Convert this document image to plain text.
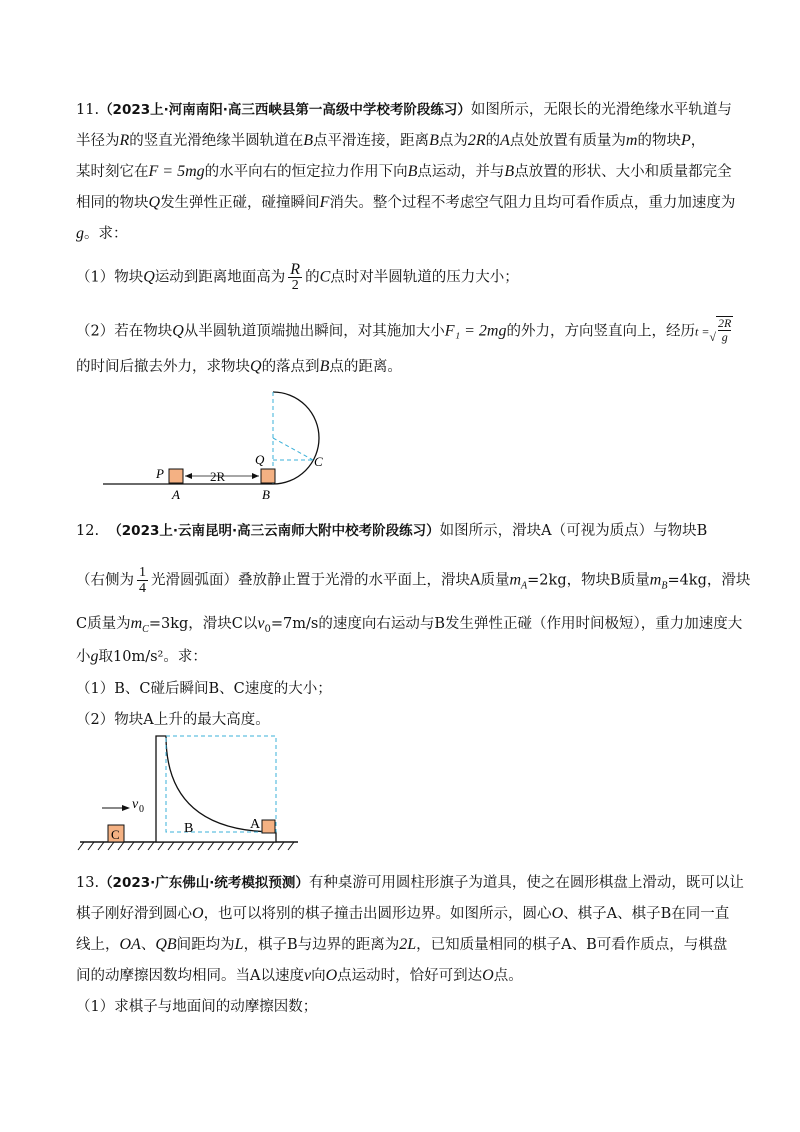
11.（2023上·河南南阳·高三西峡县第一高级中学校考阶段练习）如图所示，无限长的光滑绝缘水平轨道与
半径为R的竖直光滑绝缘半圆轨道在B点平滑连接，距离B点为2R的A点处放置有质量为m的物块P，
某时刻它在F = 5mg的水平向右的恒定拉力作用下向B点运动，并与B点放置的形状、大小和质量都完全
相同的物块Q发生弹性正碰，碰撞瞬间F消失。整个过程不考虑空气阻力且均可看作质点，重力加速度为
g。求：
（1）物块Q运动到距离地面高为 $\frac{R}{2}$ 的C点时对半圆轨道的压力大小；
（2）若在物块Q从半圆轨道顶端抛出瞬间，对其施加大小F₁ = 2mg的外力，方向竖直向上，经历t =√ $\frac{2R}{g}$
的时间后撤去外力，求物块Q的落点到B点的距离。
2R
P
A
Q
B
C
12. （2023上·云南昆明·高三云南师大附中校考阶段练习）如图所示，滑块A（可视为质点）与物块B
（右侧为 $\frac{1}{4}$ 光滑圆弧面）叠放静止置于光滑的水平面上，滑块A质量$m_A=2kg$，物块B质量$m_B=4kg$，滑块
C质量为$m_C=3kg$，滑块C以$v_0=7m/s$的速度向右运动与B发生弹性正碰（作用时间极短），重力加速度大
小g取10m/s²。求：
（1）B、C碰后瞬间B、C速度的大小；
（2）物块A上升的最大高度。
v 0
C	B	A
13.（2023·广东佛山·统考模拟预测）有种桌游可用圆柱形旗子为道具，使之在圆形棋盘上滑动，既可以让
棋子刚好滑到圆心O，也可以将别的棋子撞击出圆形边界。如图所示，圆心O、棋子A、棋子B在同一直
线上，OA、QB间距均为L，棋子B与边界的距离为2L，已知质量相同的棋子A、B可看作质点，与棋盘
间的动摩擦因数均相同。当A以速度v向O点运动时，恰好可到达O点。
（1）求棋子与地面间的动摩擦因数；
